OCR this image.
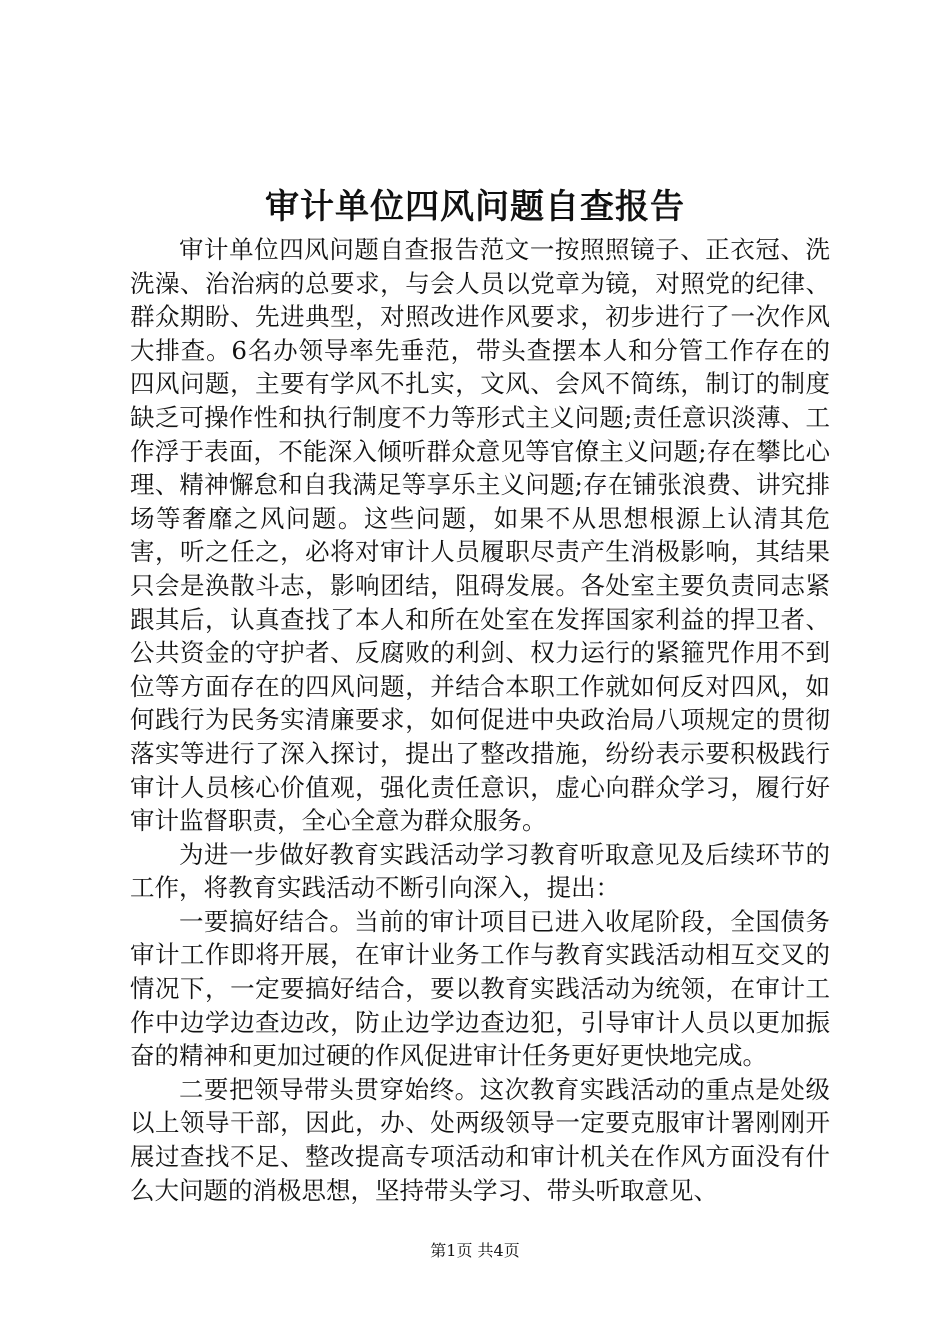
审计单位四风问题自查报告

审计单位四风问题自查报告范文一按照照镜子、正衣冠、洗洗澡、治治病的总要求，与会人员以党章为镜，对照党的纪律、群众期盼、先进典型，对照改进作风要求，初步进行了一次作风大排查。6名办领导率先垂范，带头查摆本人和分管工作存在的四风问题，主要有学风不扎实，文风、会风不简练，制订的制度缺乏可操作性和执行制度不力等形式主义问题;责任意识淡薄、工作浮于表面，不能深入倾听群众意见等官僚主义问题;存在攀比心理、精神懈怠和自我满足等享乐主义问题;存在铺张浪费、讲究排场等奢靡之风问题。这些问题，如果不从思想根源上认清其危害，听之任之，必将对审计人员履职尽责产生消极影响，其结果只会是涣散斗志，影响团结，阻碍发展。各处室主要负责同志紧跟其后，认真查找了本人和所在处室在发挥国家利益的捍卫者、公共资金的守护者、反腐败的利剑、权力运行的紧箍咒作用不到位等方面存在的四风问题，并结合本职工作就如何反对四风，如何践行为民务实清廉要求，如何促进中央政治局八项规定的贯彻落实等进行了深入探讨，提出了整改措施，纷纷表示要积极践行审计人员核心价值观，强化责任意识，虚心向群众学习，履行好审计监督职责，全心全意为群众服务。

为进一步做好教育实践活动学习教育听取意见及后续环节的工作，将教育实践活动不断引向深入，提出：

一要搞好结合。当前的审计项目已进入收尾阶段，全国债务审计工作即将开展，在审计业务工作与教育实践活动相互交叉的情况下，一定要搞好结合，要以教育实践活动为统领，在审计工作中边学边查边改，防止边学边查边犯，引导审计人员以更加振奋的精神和更加过硬的作风促进审计任务更好更快地完成。

二要把领导带头贯穿始终。这次教育实践活动的重点是处级以上领导干部，因此，办、处两级领导一定要克服审计署刚刚开展过查找不足、整改提高专项活动和审计机关在作风方面没有什么大问题的消极思想，坚持带头学习、带头听取意见、

第1页 共4页
